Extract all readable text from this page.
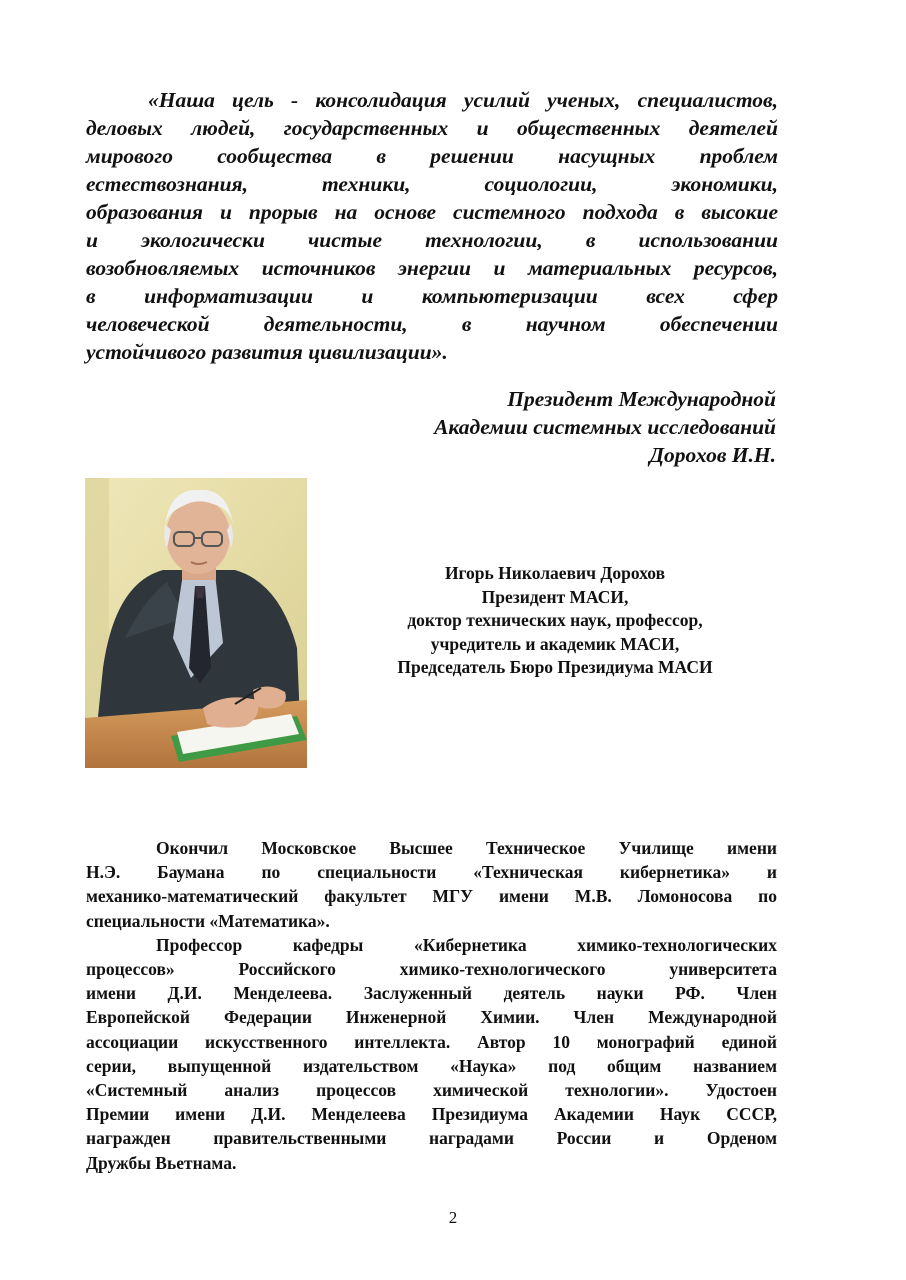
«Наша цель - консолидация усилий ученых, специалистов,
деловых людей, государственных и общественных деятелей
мирового сообщества в решении насущных проблем
естествознания, техники, социологии, экономики,
образования и прорыв на основе системного подхода в высокие
и экологически чистые технологии, в использовании
возобновляемых источников энергии и материальных ресурсов,
в информатизации и компьютеризации всех сфер
человеческой деятельности, в научном обеспечении
устойчивого развития цивилизации».
Президент Международной
Академии системных исследований
Дорохов И.Н.
Игорь Николаевич Дорохов
Президент МАСИ,
доктор технических наук, профессор,
учредитель и академик МАСИ,
Председатель Бюро Президиума МАСИ

Окончил Московское Высшее Техническое Училище имени
Н.Э. Баумана по специальности «Техническая кибернетика» и
механико-математический факультет МГУ имени М.В. Ломоносова по
специальности «Математика».

Профессор кафедры «Кибернетика химико-технологических
процессов» Российского химико-технологического университета
имени Д.И. Менделеева. Заслуженный деятель науки РФ. Член
Европейской Федерации Инженерной Химии. Член Международной
ассоциации искусственного интеллекта. Автор 10 монографий единой
серии, выпущенной издательством «Наука» под общим названием
«Системный анализ процессов химической технологии». Удостоен
Премии имени Д.И. Менделеева Президиума Академии Наук СССР,
награжден правительственными наградами России и Орденом
Дружбы Вьетнама.

2
